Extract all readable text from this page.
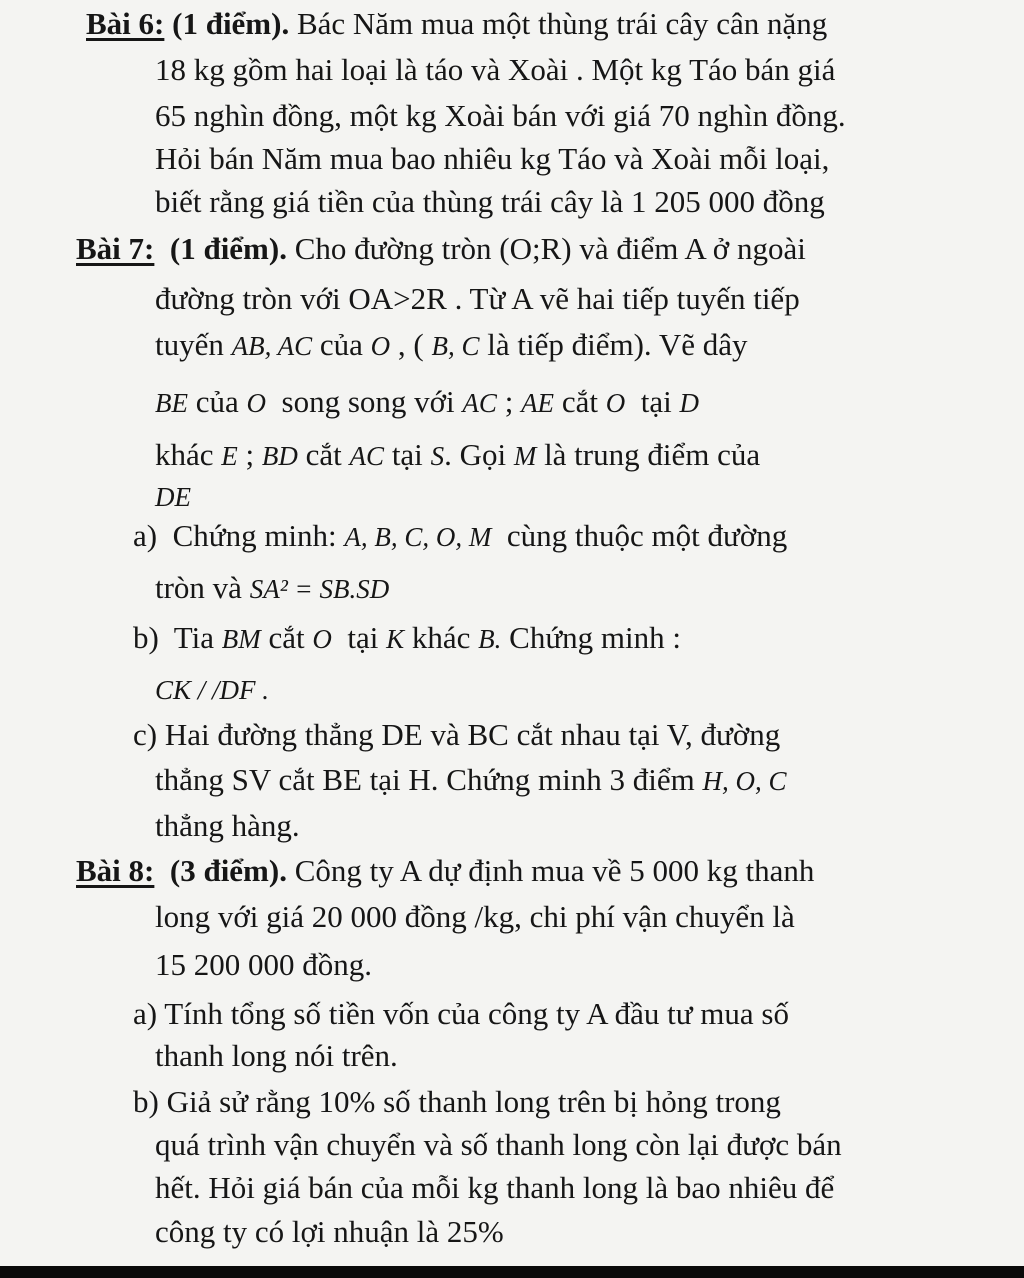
Bài 6: (1 điểm). Bác Năm mua một thùng trái cây cân nặng
18 kg gồm hai loại là táo và Xoài . Một kg Táo bán giá
65 nghìn đồng, một kg Xoài bán với giá 70 nghìn đồng.
Hỏi bán Năm mua bao nhiêu kg Táo và Xoài mỗi loại,
biết rằng giá tiền của thùng trái cây là 1 205 000 đồng
Bài 7: (1 điểm). Cho đường tròn (O;R) và điểm A ở ngoài
đường tròn với OA>2R . Từ A vẽ hai tiếp tuyến tiếp
tuyến AB, AC của O , ( B, C là tiếp điểm). Vẽ dây
BE của O song song với AC ; AE cắt O tại D
khác E ; BD cắt AC tại S. Gọi M là trung điểm của
DE
a) Chứng minh: A, B, C, O, M cùng thuộc một đường
tròn và SA² = SB.SD
b) Tia BM cắt O tại K khác B. Chứng minh :
CK / /DF .
c) Hai đường thẳng DE và BC cắt nhau tại V, đường
thẳng SV cắt BE tại H. Chứng minh 3 điểm H, O, C
thẳng hàng.
Bài 8: (3 điểm). Công ty A dự định mua về 5 000 kg thanh
long với giá 20 000 đồng /kg, chi phí vận chuyển là
15 200 000 đồng.
a) Tính tổng số tiền vốn của công ty A đầu tư mua số
thanh long nói trên.
b) Giả sử rằng 10% số thanh long trên bị hỏng trong
quá trình vận chuyển và số thanh long còn lại được bán
hết. Hỏi giá bán của mỗi kg thanh long là bao nhiêu để
công ty có lợi nhuận là 25%
